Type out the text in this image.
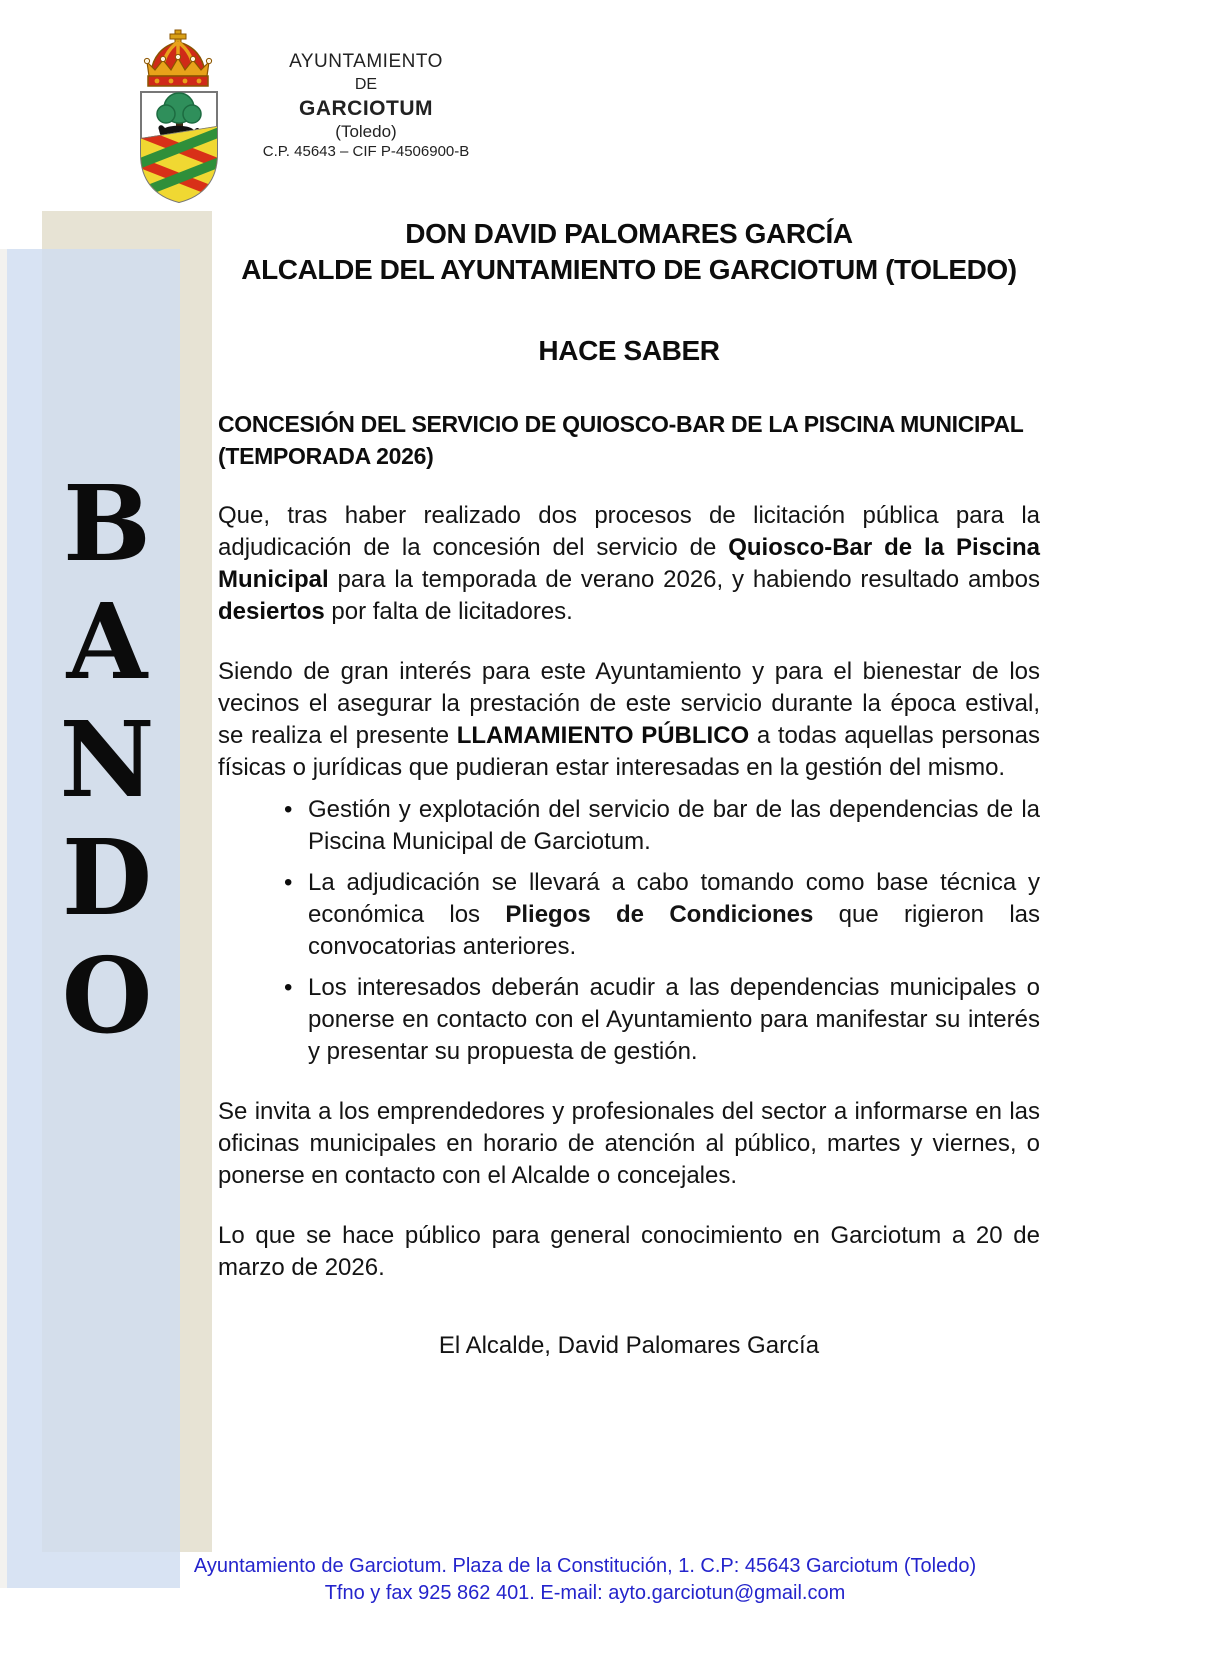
B
A
N
D
O
AYUNTAMIENTO
DE
GARCIOTUM
(Toledo)
C.P. 45643 – CIF P-4506900-B
DON DAVID PALOMARES GARCÍA
ALCALDE DEL AYUNTAMIENTO DE GARCIOTUM (TOLEDO)
HACE SABER
CONCESIÓN DEL SERVICIO DE QUIOSCO-BAR DE LA PISCINA MUNICIPAL
(TEMPORADA 2026)

Que, tras haber realizado dos procesos de licitación pública para la adjudicación de la concesión del servicio de Quiosco-Bar de la Piscina Municipal para la temporada de verano 2026, y habiendo resultado ambos desiertos por falta de licitadores.

Siendo de gran interés para este Ayuntamiento y para el bienestar de los vecinos el asegurar la prestación de este servicio durante la época estival, se realiza el presente LLAMAMIENTO PÚBLICO a todas aquellas personas físicas o jurídicas que pudieran estar interesadas en la gestión del mismo.

• Gestión y explotación del servicio de bar de las dependencias de la Piscina Municipal de Garciotum.
• La adjudicación se llevará a cabo tomando como base técnica y económica los Pliegos de Condiciones que rigieron las convocatorias anteriores.
• Los interesados deberán acudir a las dependencias municipales o ponerse en contacto con el Ayuntamiento para manifestar su interés y presentar su propuesta de gestión.

Se invita a los emprendedores y profesionales del sector a informarse en las oficinas municipales en horario de atención al público, martes y viernes, o ponerse en contacto con el Alcalde o concejales.

Lo que se hace público para general conocimiento en Garciotum a 20 de marzo de 2026.

El Alcalde, David Palomares García
Ayuntamiento de Garciotum. Plaza de la Constitución, 1. C.P: 45643 Garciotum (Toledo)
Tfno y fax 925 862 401. E-mail: ayto.garciotun@gmail.com
